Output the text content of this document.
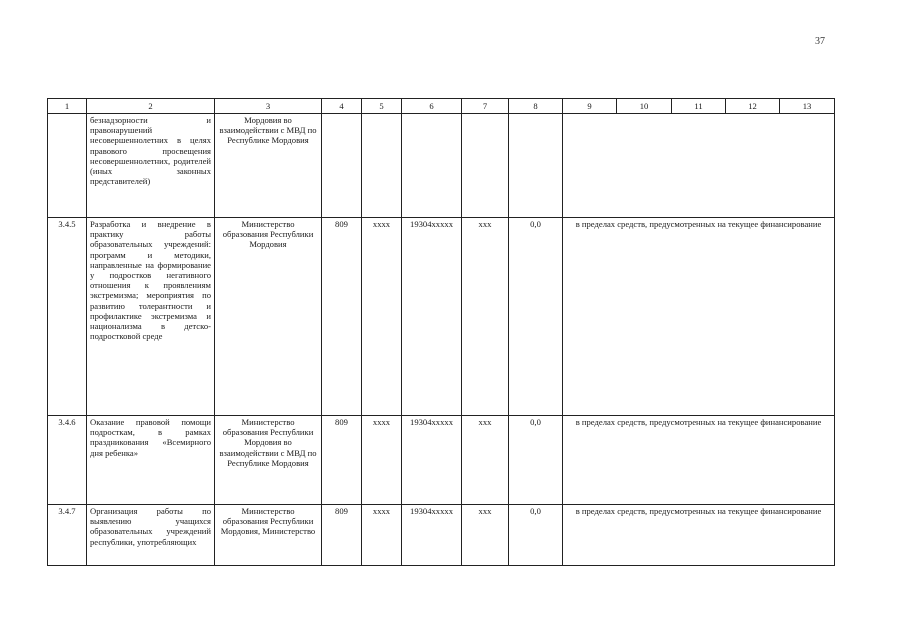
37
1	2	3	4	5	6	7	8	9	10	11	12	13
	безнадзорности и правонарушений несовершеннолетних в целях правового просвещения несовершеннолетних, родителей (иных законных представителей)	Мордовия во взаимодействии с МВД по Республике Мордовия										
3.4.5	Разработка и внедрение в практику работы образовательных учреждений: программ и методики, направленные на формирование у подростков негативного отношения к проявлениям экстремизма; мероприятия по развитию толерантности и профилактике экстремизма и национализма в детско-подростковой среде	Министерство образования Республики Мордовия	809	хххх	19304ххххх	ххх	0,0	в пределах средств, предусмотренных на текущее финансирование				
3.4.6	Оказание правовой помощи подросткам, в рамках праздникования «Всемирного дня ребенка»	Министерство образования Республики Мордовия во взаимодействии с МВД по Республике Мордовия	809	хххх	19304ххххх	ххх	0,0	в пределах средств, предусмотренных на текущее финансирование				
3.4.7	Организация работы по выявлению учащихся образовательных учреждений республики, употребляющих	Министерство образования Республики Мордовия, Министерство	809	хххх	19304ххххх	ххх	0,0	в пределах средств, предусмотренных на текущее финансирование				
